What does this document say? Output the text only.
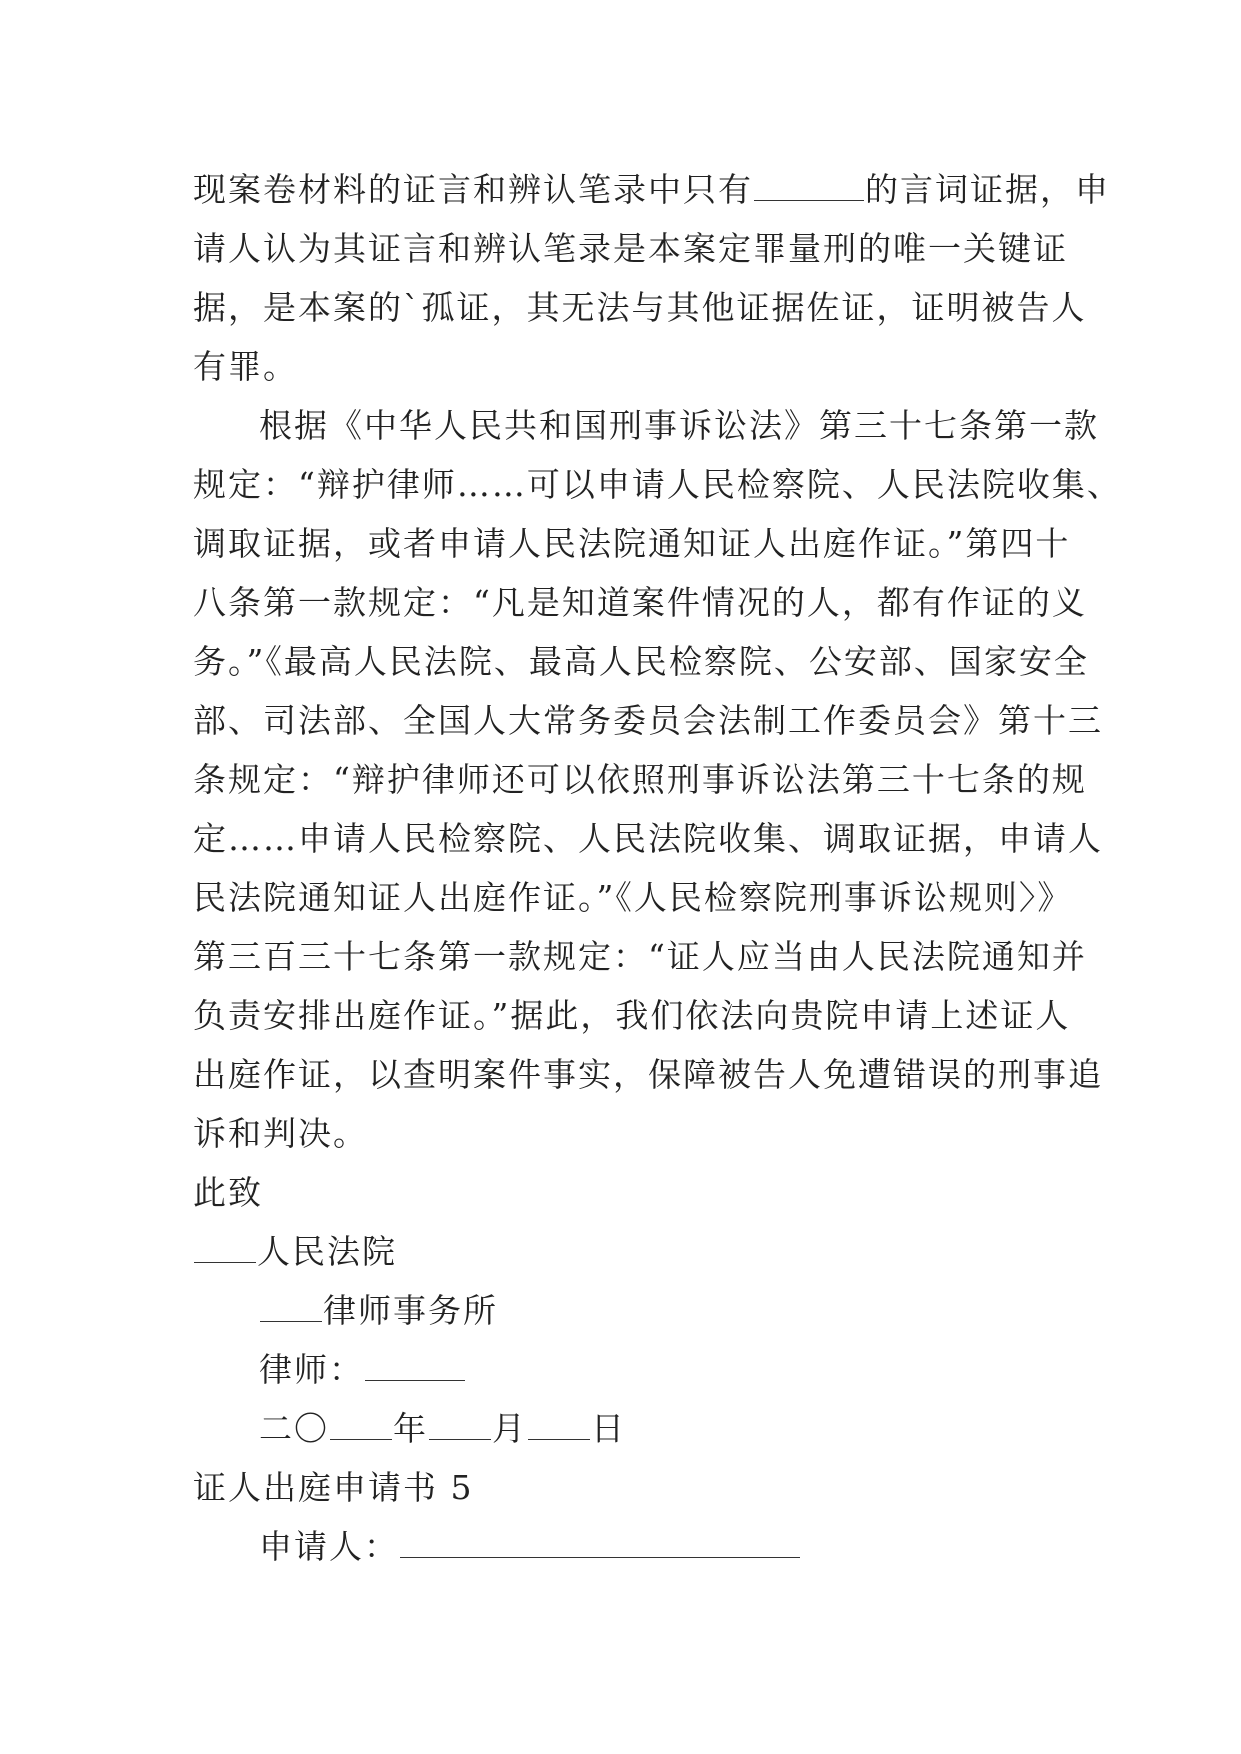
现案卷材料的证言和辨认笔录中只有	的言词证据，申
请人认为其证言和辨认笔录是本案定罪量刑的唯一关键证
据，是本案的`孤证，其无法与其他证据佐证，证明被告人
有罪。
根据《中华人民共和国刑事诉讼法》第三十七条第一款
规定：“辩护律师……可以申请人民检察院、人民法院收集、
调取证据，或者申请人民法院通知证人出庭作证。”第四十
八条第一款规定：“凡是知道案件情况的人，都有作证的义
务。”《最高人民法院、最高人民检察院、公安部、国家安全
部、司法部、全国人大常务委员会法制工作委员会》第十三
条规定：“辩护律师还可以依照刑事诉讼法第三十七条的规
定……申请人民检察院、人民法院收集、调取证据，申请人
民法院通知证人出庭作证。”《人民检察院刑事诉讼规则〉》
第三百三十七条第一款规定：“证人应当由人民法院通知并
负责安排出庭作证。”据此，我们依法向贵院申请上述证人
出庭作证，以查明案件事实，保障被告人免遭错误的刑事追
诉和判决。
此致
人民法院
律师事务所
律师：
二〇 年 月 日
证人出庭申请书 5
申请人：
